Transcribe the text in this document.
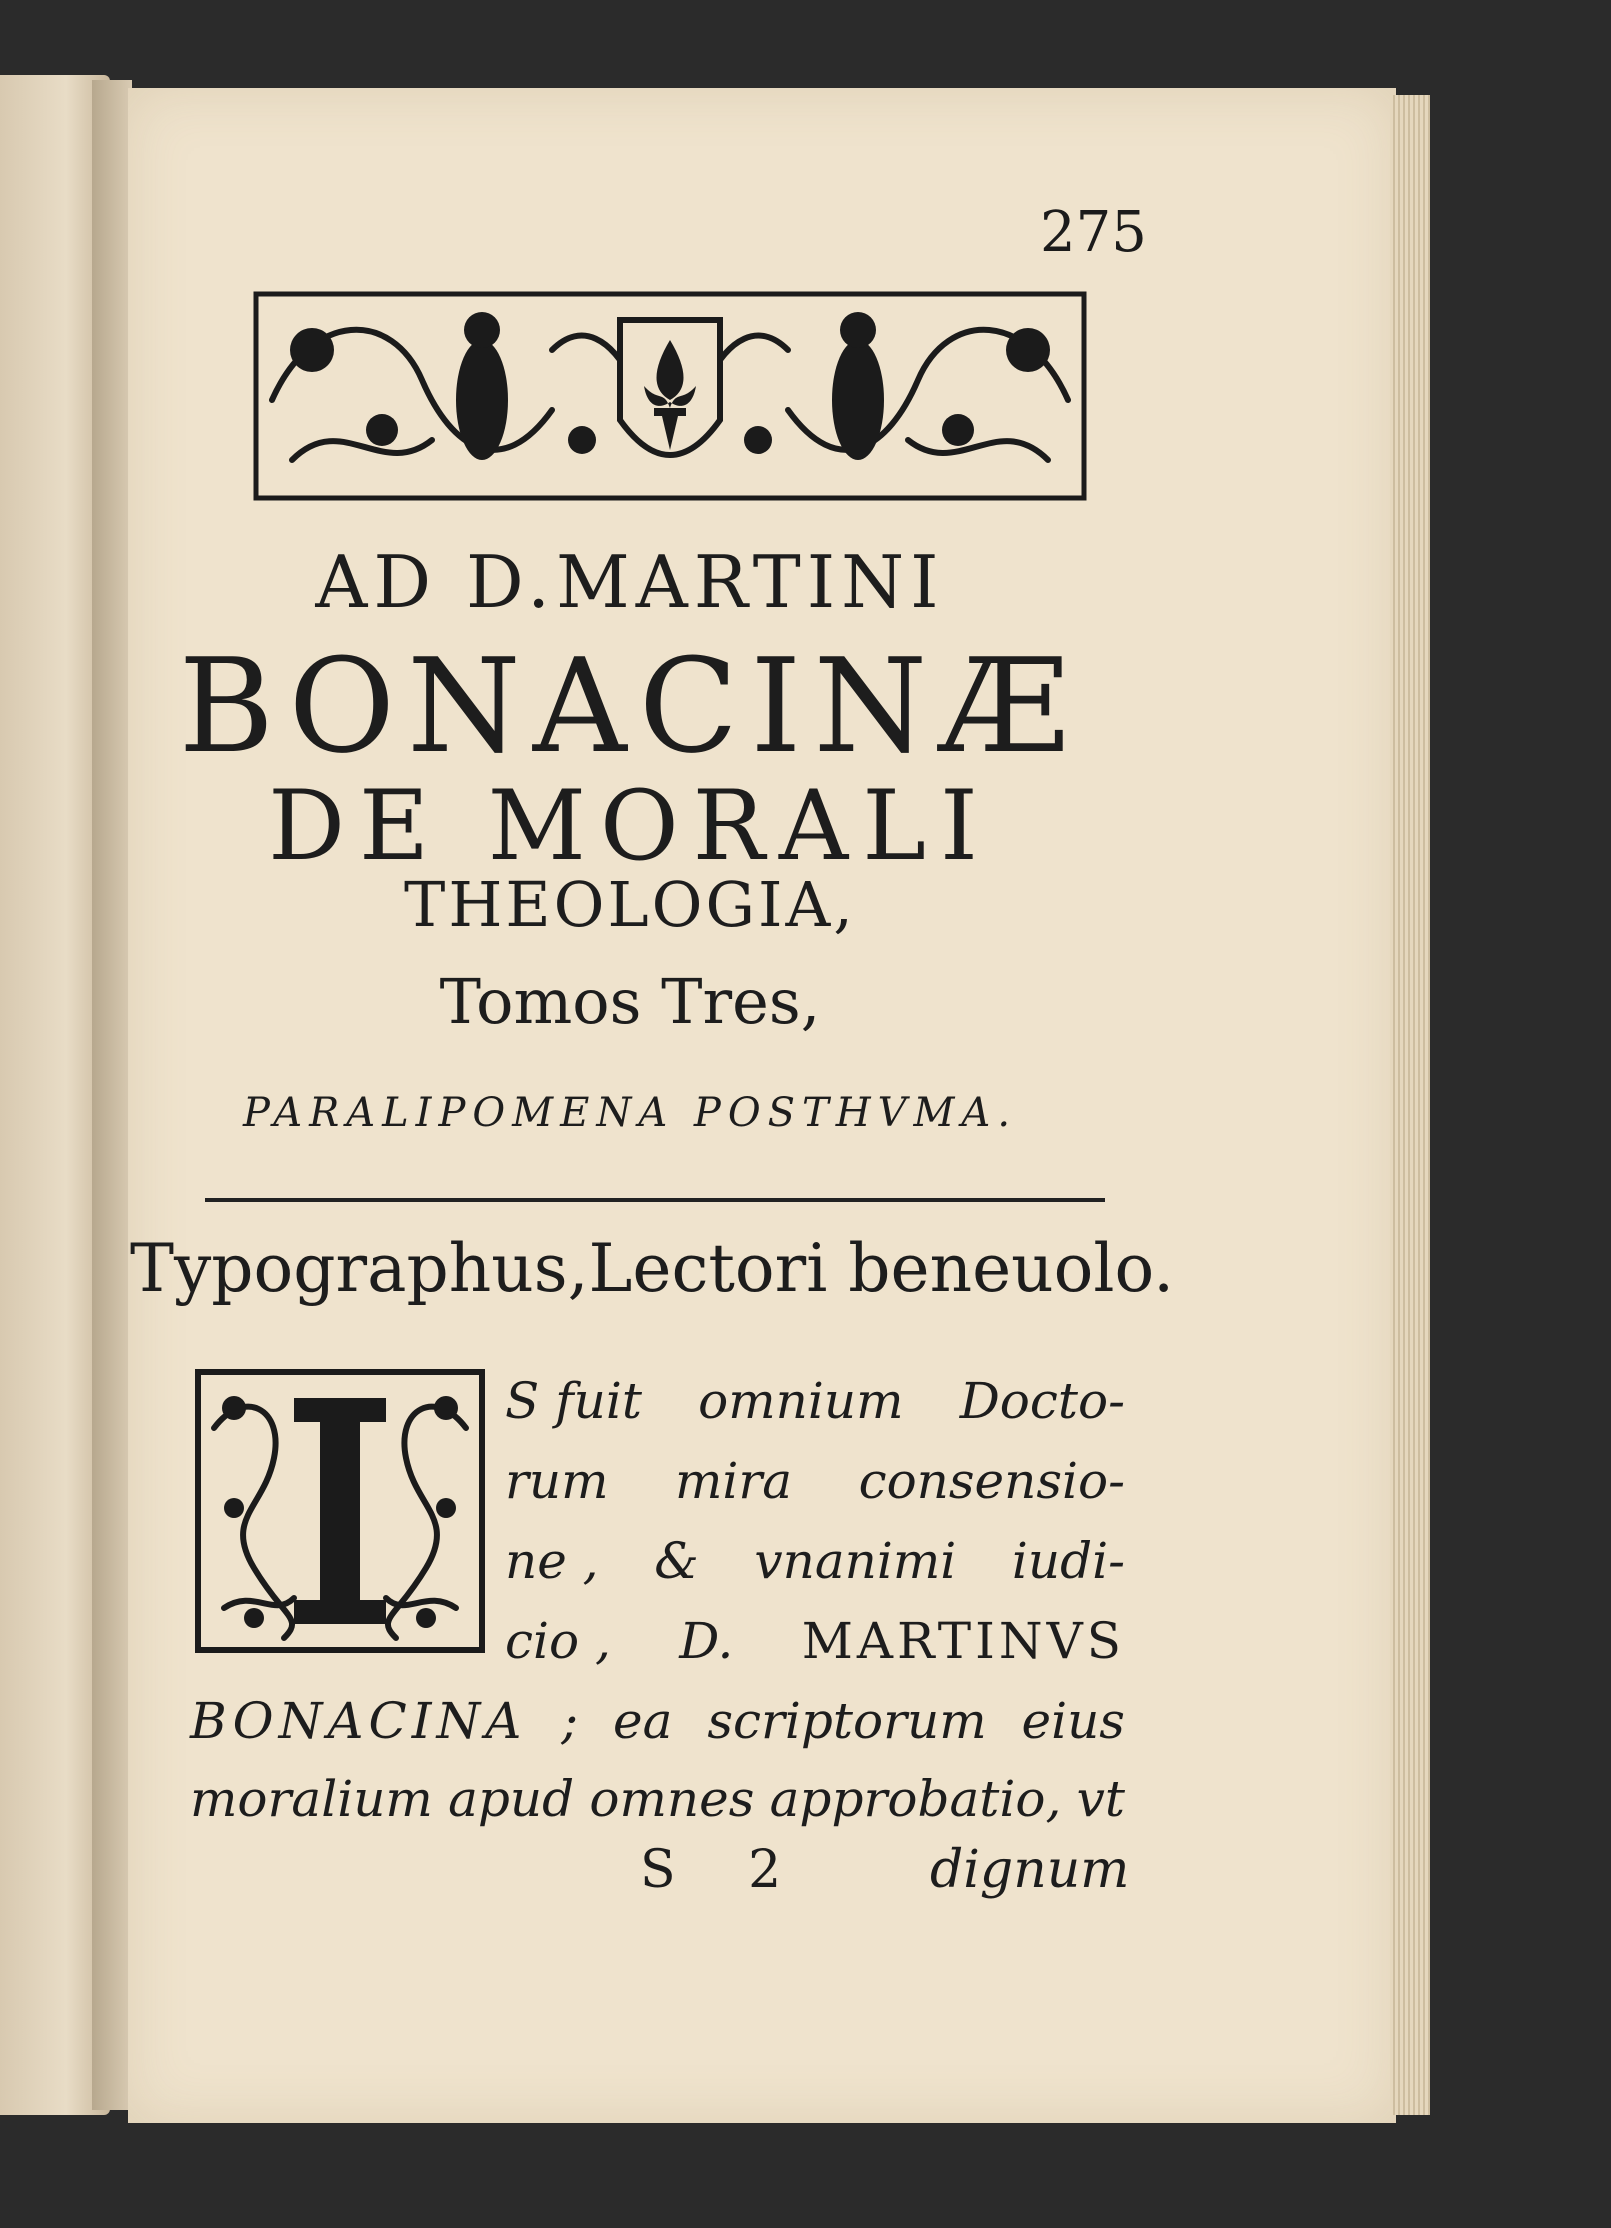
275
AD D.MARTINI
BONACINÆ
DE MORALI
THEOLOGIA,
Tomos Tres,
PARALIPOMENA POSTHVMA.
Typographus,Lectori beneuolo.
S fuit omnium Docto-
rum mira consensio-
ne , & vnanimi iudi-
cio , D. MARTINVS
BONACINA ; ea scriptorum eius
moralium apud omnes approbatio, vt
S 2 dignum
